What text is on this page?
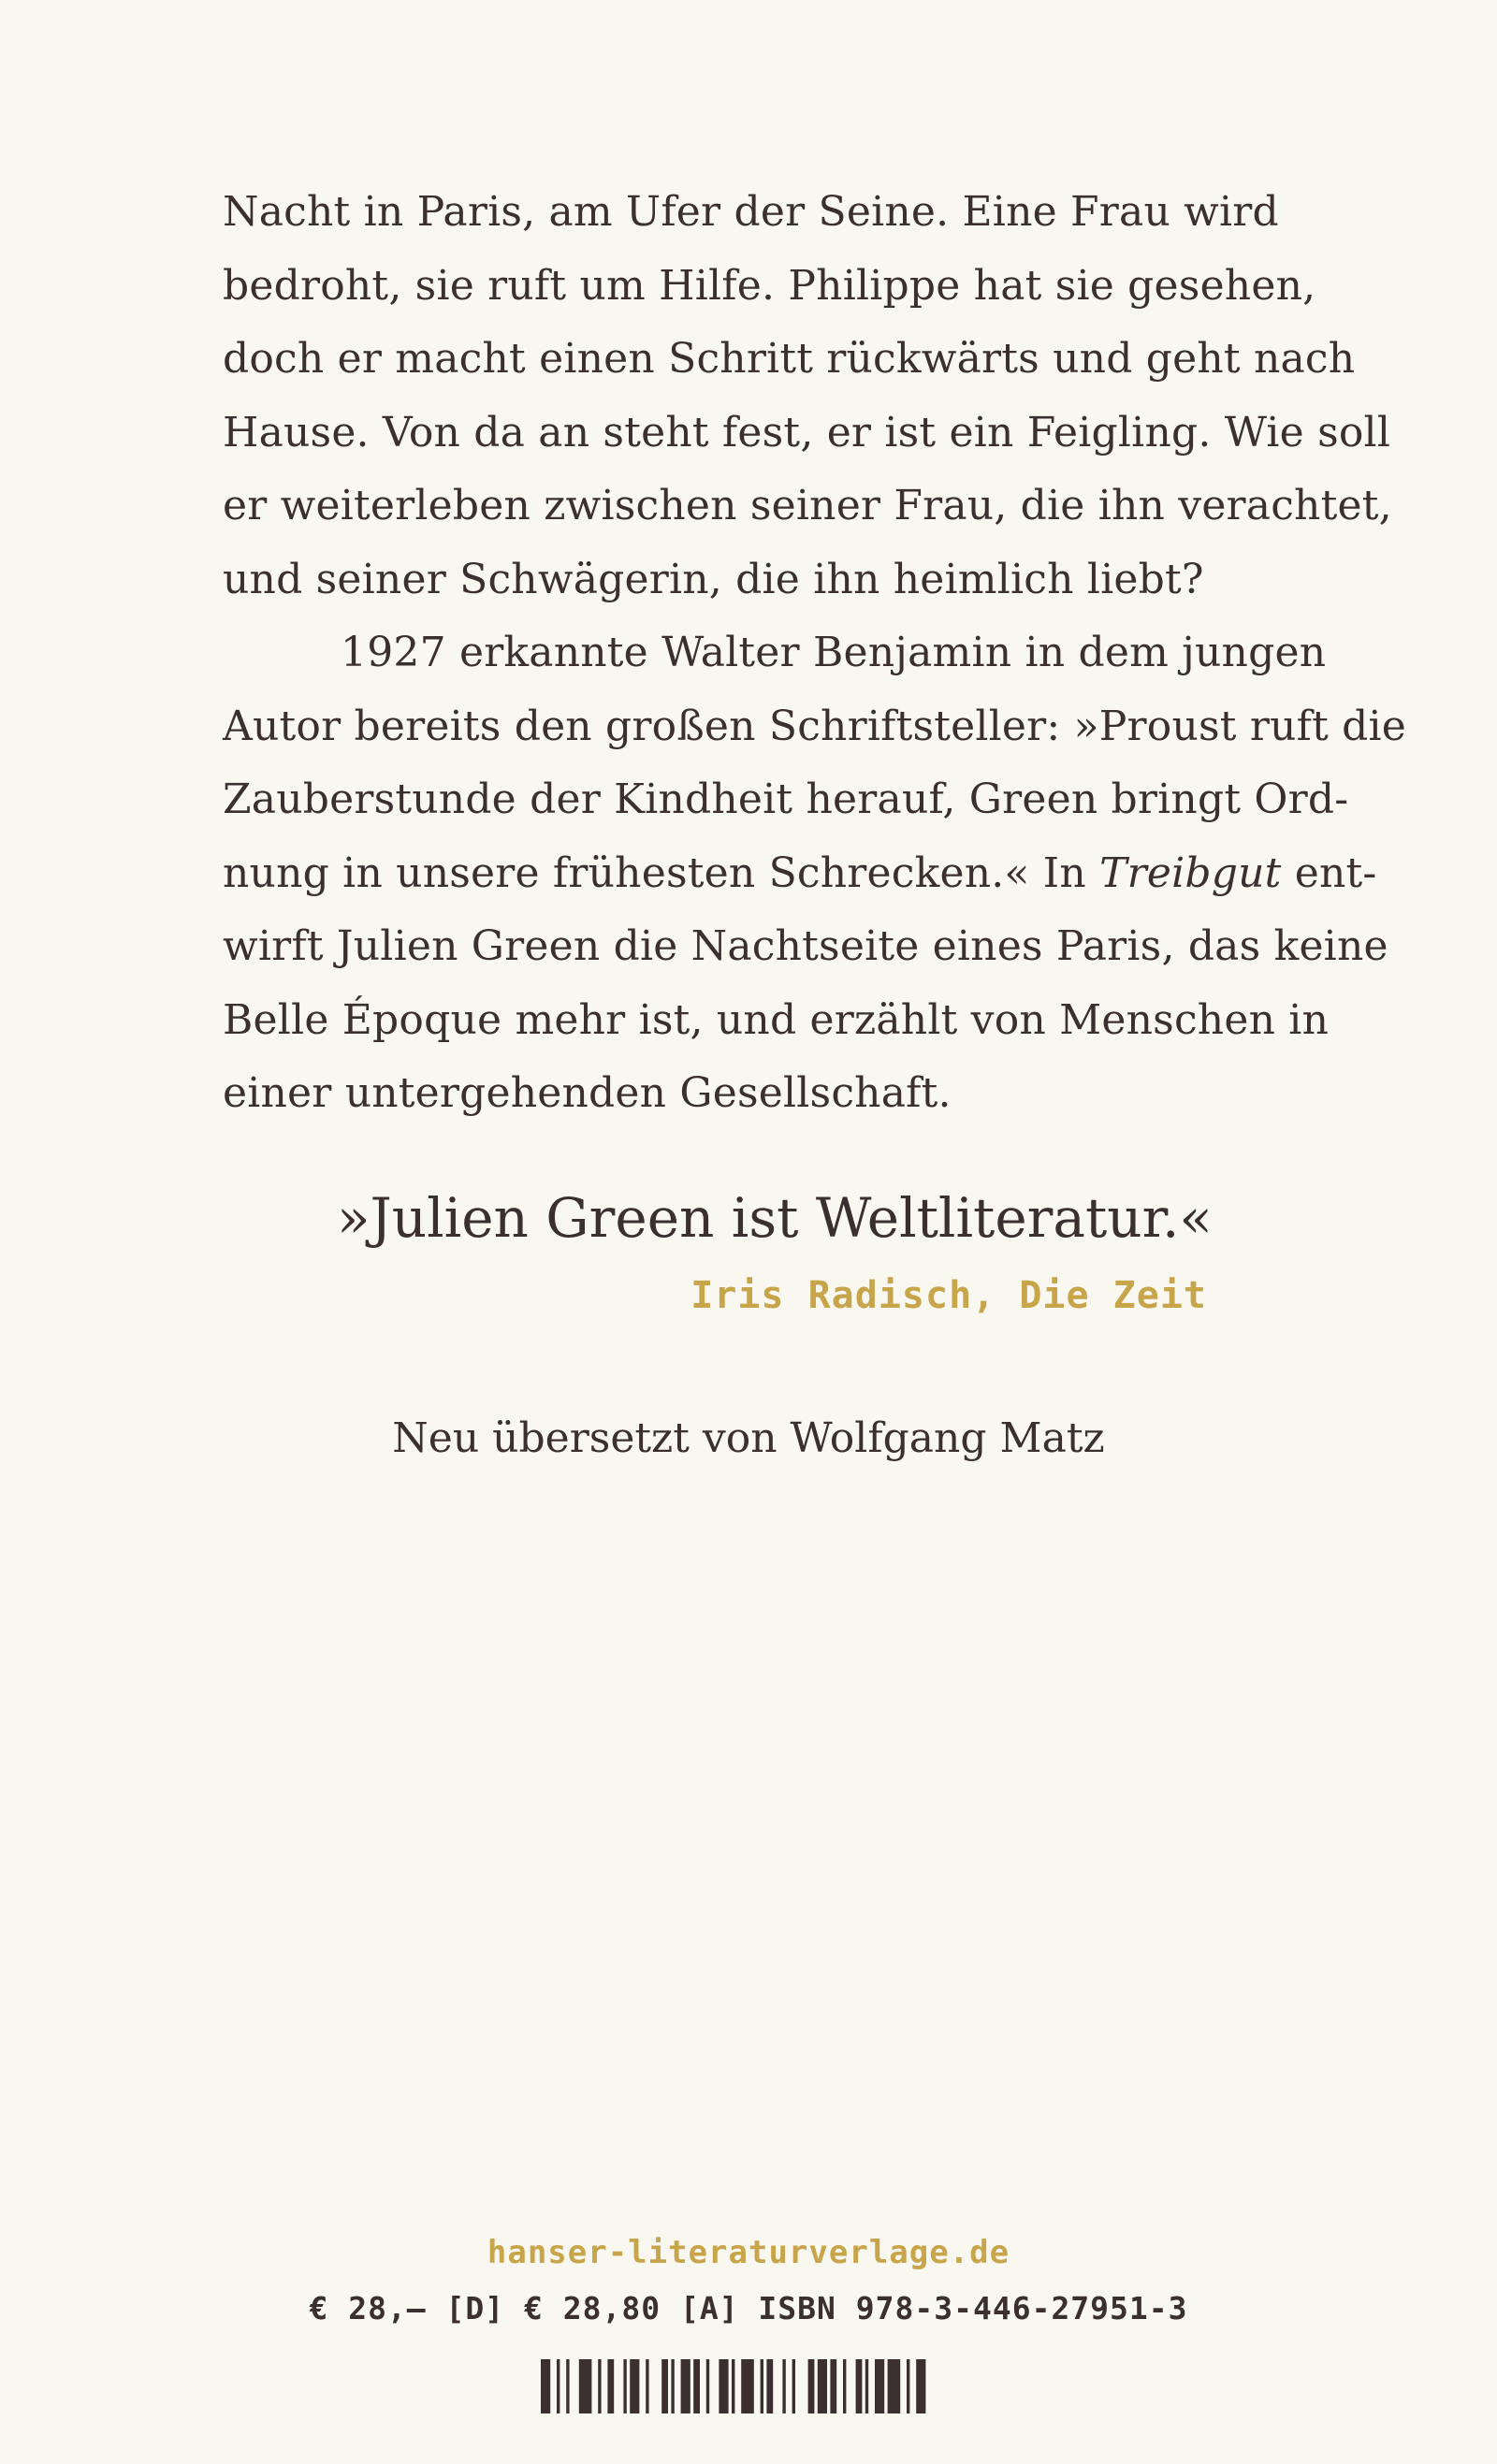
Nacht in Paris, am Ufer der Seine. Eine Frau wird

bedroht, sie ruft um Hilfe. Philippe hat sie gesehen,

doch er macht einen Schritt rückwärts und geht nach

Hause. Von da an steht fest, er ist ein Feigling. Wie soll

er weiterleben zwischen seiner Frau, die ihn verachtet,

und seiner Schwägerin, die ihn heimlich liebt?

1927 erkannte Walter Benjamin in dem jungen

Autor bereits den großen Schriftsteller: »Proust ruft die

Zauberstunde der Kindheit herauf, Green bringt Ord-

nung in unsere frühesten Schrecken.« In Treibgut ent-

wirft Julien Green die Nachtseite eines Paris, das keine

Belle Époque mehr ist, und erzählt von Menschen in

einer untergehenden Gesellschaft.

»Julien Green ist Weltliteratur.«
Iris Radisch, Die Zeit
Neu übersetzt von Wolfgang Matz
hanser-literaturverlage.de
€ 28,– [D] € 28,80 [A] ISBN 978-3-446-27951-3
